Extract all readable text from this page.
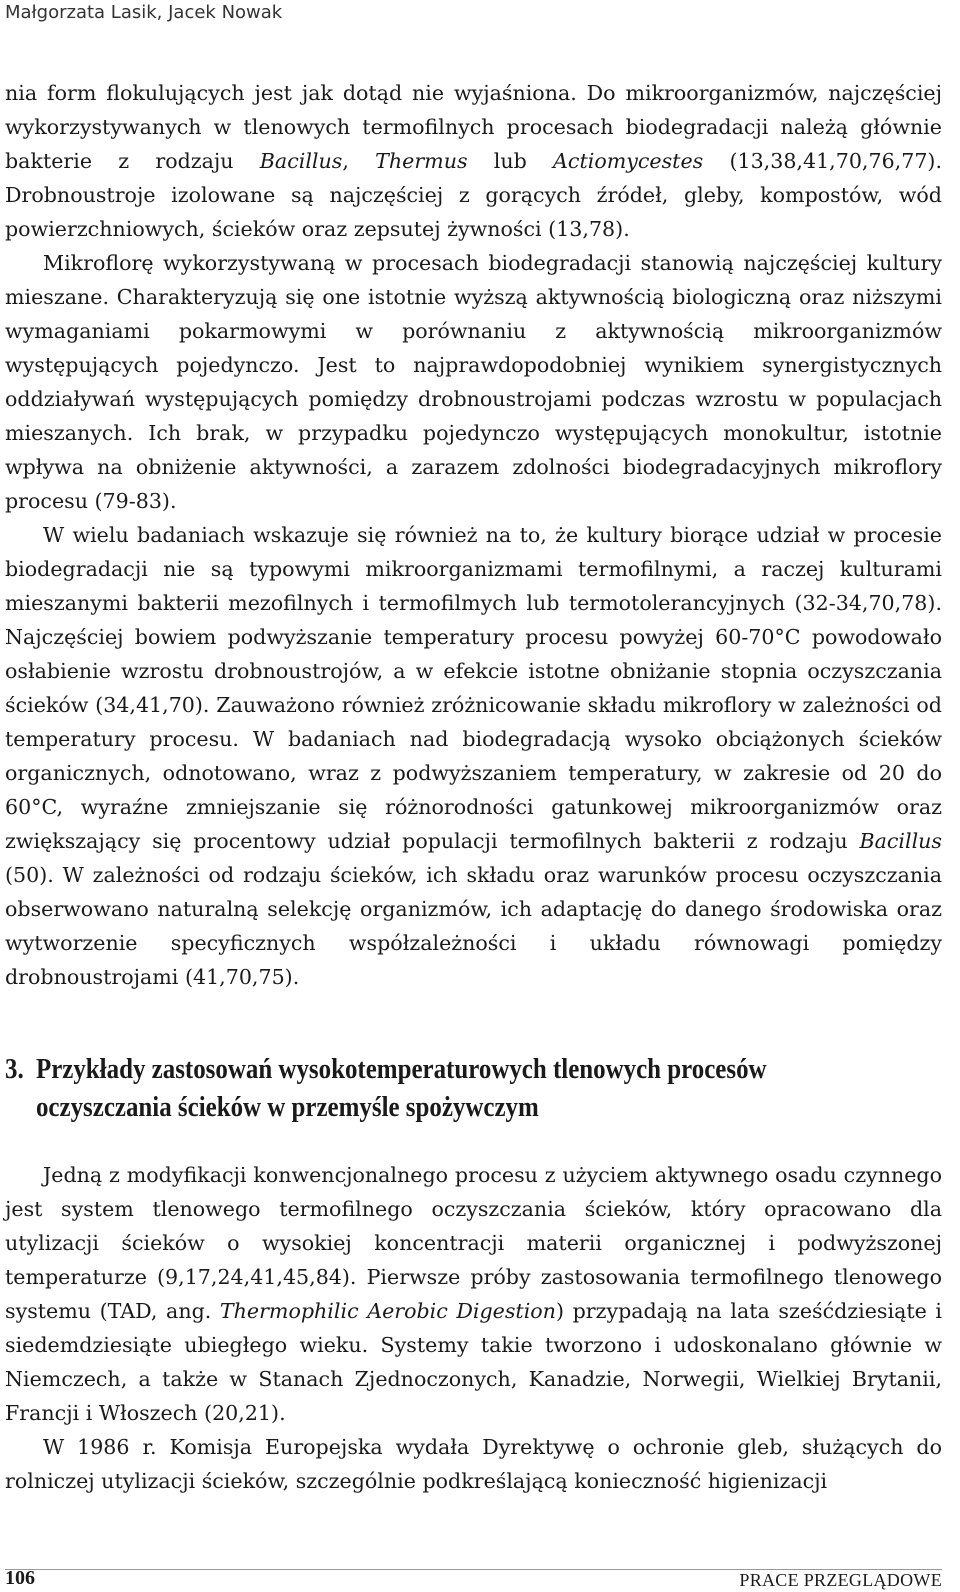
Małgorzata Lasik, Jacek Nowak

nia form flokulujących jest jak dotąd nie wyjaśniona. Do mikroorganizmów, najczęściej wykorzystywanych w tlenowych termofilnych procesach biodegradacji należą głównie bakterie z rodzaju Bacillus, Thermus lub Actiomycestes (13,38,41,70,76,77). Drobnoustroje izolowane są najczęściej z gorących źródeł, gleby, kompostów, wód powierzchniowych, ścieków oraz zepsutej żywności (13,78).

Mikroflorę wykorzystywaną w procesach biodegradacji stanowią najczęściej kultury mieszane. Charakteryzują się one istotnie wyższą aktywnością biologiczną oraz niższymi wymaganiami pokarmowymi w porównaniu z aktywnością mikroorganizmów występujących pojedynczo. Jest to najprawdopodobniej wynikiem synergistycznych oddziaływań występujących pomiędzy drobnoustrojami podczas wzrostu w populacjach mieszanych. Ich brak, w przypadku pojedynczo występujących monokultur, istotnie wpływa na obniżenie aktywności, a zarazem zdolności biodegradacyjnych mikroflory procesu (79-83).

W wielu badaniach wskazuje się również na to, że kultury biorące udział w procesie biodegradacji nie są typowymi mikroorganizmami termofilnymi, a raczej kulturami mieszanymi bakterii mezofilnych i termofilmych lub termotolerancyjnych (32-34,70,78). Najczęściej bowiem podwyższanie temperatury procesu powyżej 60-70°C powodowało osłabienie wzrostu drobnoustrojów, a w efekcie istotne obniżanie stopnia oczyszczania ścieków (34,41,70). Zauważono również zróżnicowanie składu mikroflory w zależności od temperatury procesu. W badaniach nad biodegradacją wysoko obciążonych ścieków organicznych, odnotowano, wraz z podwyższaniem temperatury, w zakresie od 20 do 60°C, wyraźne zmniejszanie się różnorodności gatunkowej mikroorganizmów oraz zwiększający się procentowy udział populacji termofilnych bakterii z rodzaju Bacillus (50). W zależności od rodzaju ścieków, ich składu oraz warunków procesu oczyszczania obserwowano naturalną selekcję organizmów, ich adaptację do danego środowiska oraz wytworzenie specyficznych współzależności i układu równowagi pomiędzy drobnoustrojami (41,70,75).

3. Przykłady zastosowań wysokotemperaturowych tlenowych procesów
oczyszczania ścieków w przemyśle spożywczym

Jedną z modyfikacji konwencjonalnego procesu z użyciem aktywnego osadu czynnego jest system tlenowego termofilnego oczyszczania ścieków, który opracowano dla utylizacji ścieków o wysokiej koncentracji materii organicznej i podwyższonej temperaturze (9,17,24,41,45,84). Pierwsze próby zastosowania termofilnego tlenowego systemu (TAD, ang. Thermophilic Aerobic Digestion) przypadają na lata sześćdziesiąte i siedemdziesiąte ubiegłego wieku. Systemy takie tworzono i udoskonalano głównie w Niemczech, a także w Stanach Zjednoczonych, Kanadzie, Norwegii, Wielkiej Brytanii, Francji i Włoszech (20,21).

W 1986 r. Komisja Europejska wydała Dyrektywę o ochronie gleb, służących do rolniczej utylizacji ścieków, szczególnie podkreślającą konieczność higienizacji

106	PRACE PRZEGLĄDOWE
